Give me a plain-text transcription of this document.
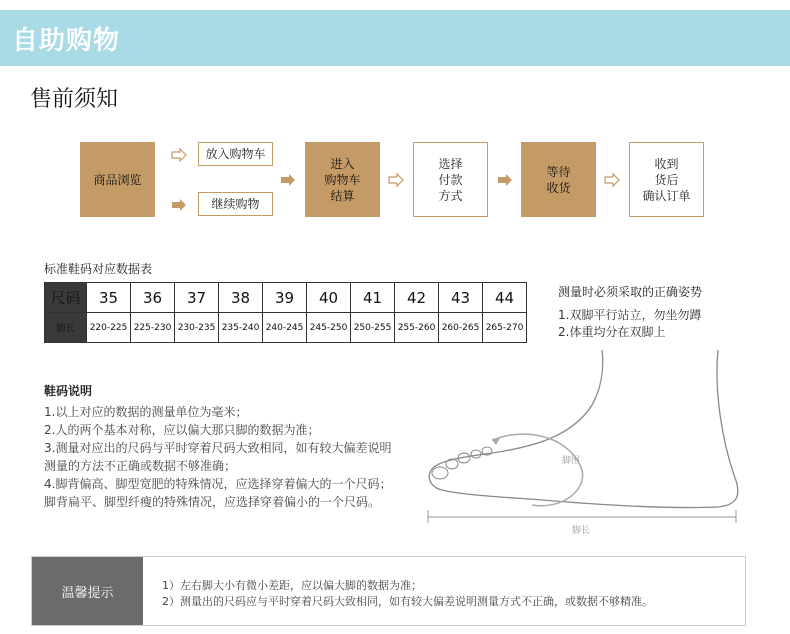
自助购物
售前须知
商品浏览
放入购物车
继续购物
进入
购物车
结算
选择
付款
方式
等待
收货
收到
货后
确认订单
标准鞋码对应数据表
尺码	35	36	37	38	39	40	41	42	43	44
脚长	220-225	225-230	230-235	235-240	240-245	245-250	250-255	255-260	260-265	265-270
测量时必须采取的正确姿势
1.双脚平行站立，勿坐勿蹲
2.体重均分在双脚上
脚围
脚长
鞋码说明
1.以上对应的数据的测量单位为毫米；
2.人的两个基本对称，应以偏大那只脚的数据为准；
3.测量对应出的尺码与平时穿着尺码大致相同，如有较大偏差说明
测量的方法不正确或数据不够准确；
4.脚背偏高、脚型宽肥的特殊情况，应选择穿着偏大的一个尺码；
脚背扁平、脚型纤瘦的特殊情况，应选择穿着偏小的一个尺码。
温馨提示	1）左右脚大小有微小差距，应以偏大脚的数据为准；
2）测量出的尺码应与平时穿着尺码大致相同，如有较大偏差说明测量方式不正确，或数据不够精准。
